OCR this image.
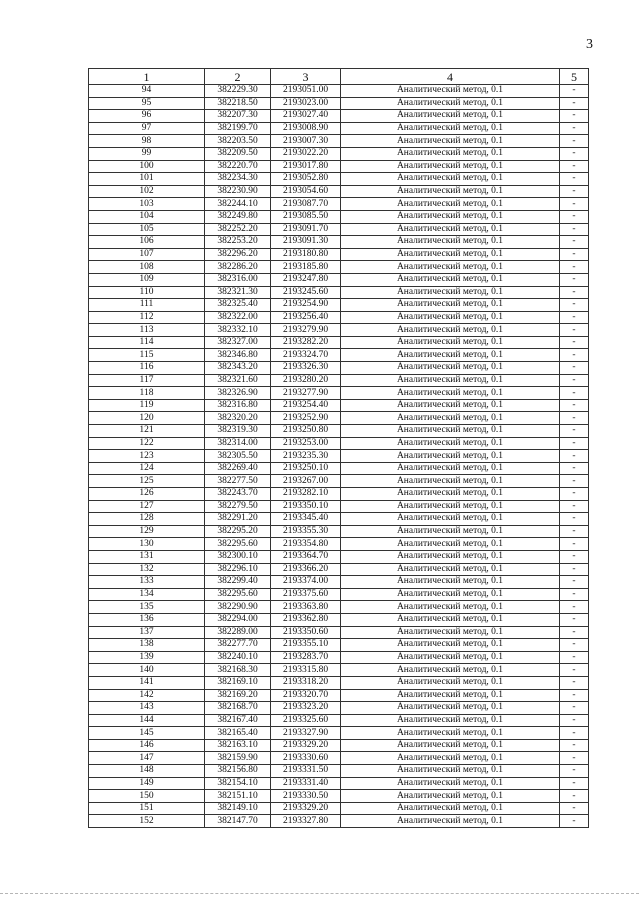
3
1	2	3	4	5
94	382229.30	2193051.00	Аналитический метод, 0.1	-
95	382218.50	2193023.00	Аналитический метод, 0.1	-
96	382207.30	2193027.40	Аналитический метод, 0.1	-
97	382199.70	2193008.90	Аналитический метод, 0.1	-
98	382203.50	2193007.30	Аналитический метод, 0.1	-
99	382209.50	2193022.20	Аналитический метод, 0.1	-
100	382220.70	2193017.80	Аналитический метод, 0.1	-
101	382234.30	2193052.80	Аналитический метод, 0.1	-
102	382230.90	2193054.60	Аналитический метод, 0.1	-
103	382244.10	2193087.70	Аналитический метод, 0.1	-
104	382249.80	2193085.50	Аналитический метод, 0.1	-
105	382252.20	2193091.70	Аналитический метод, 0.1	-
106	382253.20	2193091.30	Аналитический метод, 0.1	-
107	382296.20	2193180.80	Аналитический метод, 0.1	-
108	382286.20	2193185.80	Аналитический метод, 0.1	-
109	382316.00	2193247.80	Аналитический метод, 0.1	-
110	382321.30	2193245.60	Аналитический метод, 0.1	-
111	382325.40	2193254.90	Аналитический метод, 0.1	-
112	382322.00	2193256.40	Аналитический метод, 0.1	-
113	382332.10	2193279.90	Аналитический метод, 0.1	-
114	382327.00	2193282.20	Аналитический метод, 0.1	-
115	382346.80	2193324.70	Аналитический метод, 0.1	-
116	382343.20	2193326.30	Аналитический метод, 0.1	-
117	382321.60	2193280.20	Аналитический метод, 0.1	-
118	382326.90	2193277.90	Аналитический метод, 0.1	-
119	382316.80	2193254.40	Аналитический метод, 0.1	-
120	382320.20	2193252.90	Аналитический метод, 0.1	-
121	382319.30	2193250.80	Аналитический метод, 0.1	-
122	382314.00	2193253.00	Аналитический метод, 0.1	-
123	382305.50	2193235.30	Аналитический метод, 0.1	-
124	382269.40	2193250.10	Аналитический метод, 0.1	-
125	382277.50	2193267.00	Аналитический метод, 0.1	-
126	382243.70	2193282.10	Аналитический метод, 0.1	-
127	382279.50	2193350.10	Аналитический метод, 0.1	-
128	382291.20	2193345.40	Аналитический метод, 0.1	-
129	382295.20	2193355.30	Аналитический метод, 0.1	-
130	382295.60	2193354.80	Аналитический метод, 0.1	-
131	382300.10	2193364.70	Аналитический метод, 0.1	-
132	382296.10	2193366.20	Аналитический метод, 0.1	-
133	382299.40	2193374.00	Аналитический метод, 0.1	-
134	382295.60	2193375.60	Аналитический метод, 0.1	-
135	382290.90	2193363.80	Аналитический метод, 0.1	-
136	382294.00	2193362.80	Аналитический метод, 0.1	-
137	382289.00	2193350.60	Аналитический метод, 0.1	-
138	382277.70	2193355.10	Аналитический метод, 0.1	-
139	382240.10	2193283.70	Аналитический метод, 0.1	-
140	382168.30	2193315.80	Аналитический метод, 0.1	-
141	382169.10	2193318.20	Аналитический метод, 0.1	-
142	382169.20	2193320.70	Аналитический метод, 0.1	-
143	382168.70	2193323.20	Аналитический метод, 0.1	-
144	382167.40	2193325.60	Аналитический метод, 0.1	-
145	382165.40	2193327.90	Аналитический метод, 0.1	-
146	382163.10	2193329.20	Аналитический метод, 0.1	-
147	382159.90	2193330.60	Аналитический метод, 0.1	-
148	382156.80	2193331.50	Аналитический метод, 0.1	-
149	382154.10	2193331.40	Аналитический метод, 0.1	-
150	382151.10	2193330.50	Аналитический метод, 0.1	-
151	382149.10	2193329.20	Аналитический метод, 0.1	-
152	382147.70	2193327.80	Аналитический метод, 0.1	-
